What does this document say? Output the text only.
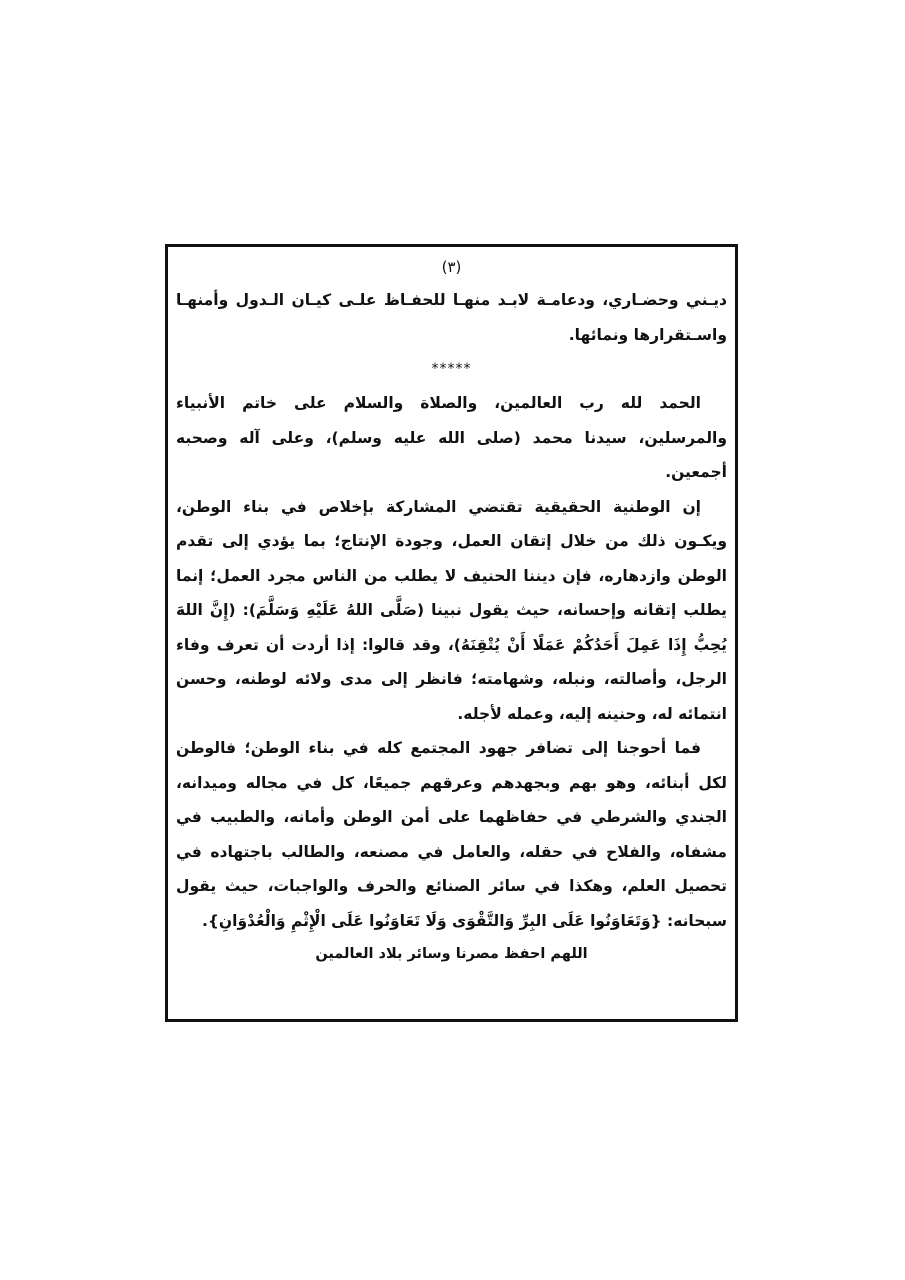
(٣)

ديـني وحضـاري، ودعامـة لابـد منهـا للحفـاظ علـى كيـان الـدول وأمنهـا واسـتقرارها ونمائها.

*****

الحمد لله رب العالمين، والصلاة والسلام على خاتم الأنبياء والمرسلين، سيدنا محمد (صلى الله عليه وسلم)، وعلى آله وصحبه أجمعين.

إن الوطنية الحقيقية تقتضي المشاركة بإخلاص في بناء الوطن، ويكـون ذلك من خلال إتقان العمل، وجودة الإنتاج؛ بما يؤدي إلى تقدم الوطن وازدهاره، فإن ديننا الحنيف لا يطلب من الناس مجرد العمل؛ إنما يطلب إتقانه وإحسانه، حيث يقول نبينا (صَلَّى اللهُ عَلَيْهِ وَسَلَّمَ): (إِنَّ اللهَ يُحِبُّ إِذَا عَمِلَ أَحَدُكُمْ عَمَلًا أَنْ يُتْقِنَهُ)، وقد قالوا: إذا أردت أن تعرف وفاء الرجل، وأصالته، ونبله، وشهامته؛ فانظر إلى مدى ولائه لوطنه، وحسن انتمائه له، وحنينه إليه، وعمله لأجله.

فما أحوجنا إلى تضافر جهود المجتمع كله في بناء الوطن؛ فالوطن لكل أبنائه، وهو بهم وبجهدهم وعرقهم جميعًا، كل في مجاله وميدانه، الجندي والشرطي في حفاظهما على أمن الوطن وأمانه، والطبيب في مشفاه، والفلاح في حقله، والعامل في مصنعه، والطالب باجتهاده في تحصيل العلم، وهكذا في سائر الصنائع والحرف والواجبات، حيث يقول سبحانه: {وَتَعَاوَنُوا عَلَى البِرِّ وَالتَّقْوَى وَلَا تَعَاوَنُوا عَلَى الْإِثْمِ وَالْعُدْوَانِ}.

اللهم احفظ مصرنا وسائر بلاد العالمين
